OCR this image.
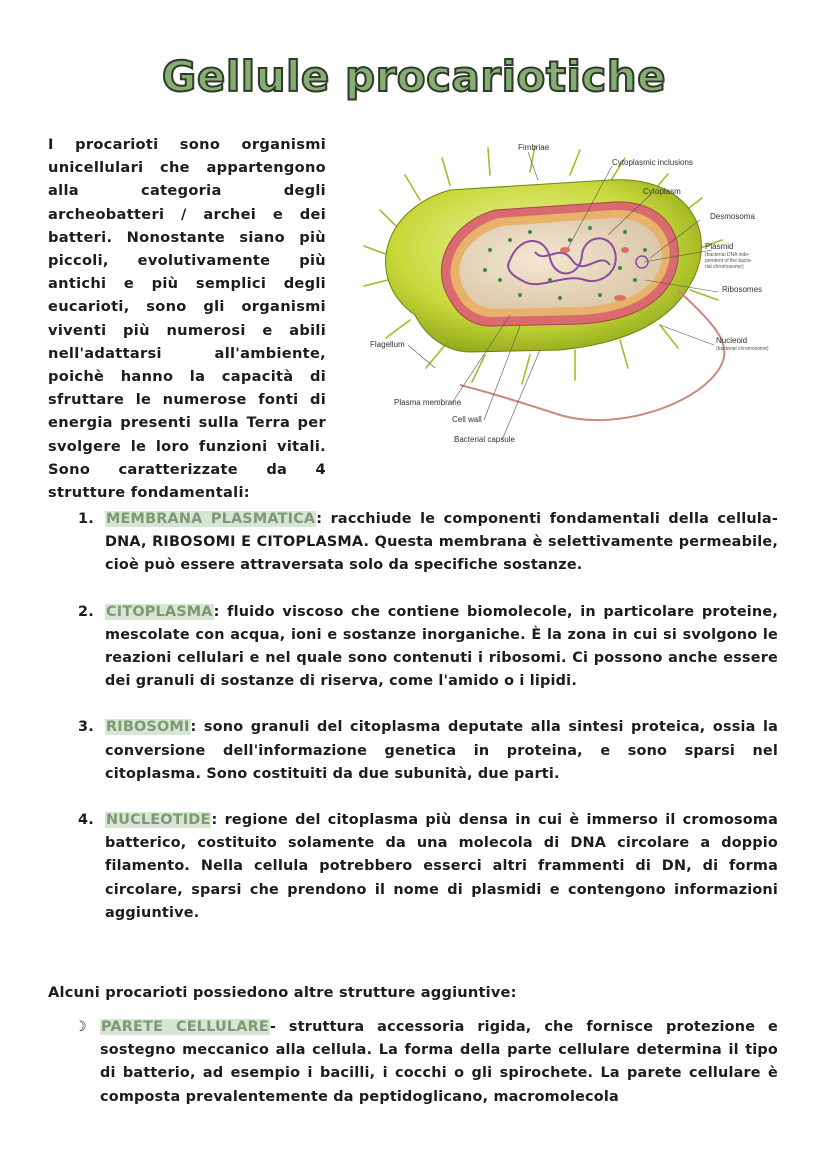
Gellule procariotiche
I procarioti sono organismi unicellulari che appartengono alla categoria degli archeobatteri / archei e dei batteri. Nonostante siano più piccoli, evolutivamente più antichi e più semplici degli eucarioti, sono gli organismi viventi più numerosi e abili nell'adattarsi all'ambiente, poichè hanno la capacità di sfruttare le numerose fonti di energia presenti sulla Terra per svolgere le loro funzioni vitali. Sono caratterizzate da 4 strutture fondamentali:
Fimbriae
Cytoplasmic inclusions
Cytoplasm
Desmosoma
Plasmid
(bacterial DNA inde-
pendent of the bacte-
rial chromosome)
Ribosomes
Nucleoid
(bacterial chromosome)
Flagellum
Plasma membrane
Cell wall
Bacterial capsule
1. MEMBRANA PLASMATICA: racchiude le componenti fondamentali della cellula- DNA, RIBOSOMI E CITOPLASMA. Questa membrana è selettivamente permeabile, cioè può essere attraversata solo da specifiche sostanze.
2. CITOPLASMA: fluido viscoso che contiene biomolecole, in particolare proteine, mescolate con acqua, ioni e sostanze inorganiche. È la zona in cui si svolgono le reazioni cellulari e nel quale sono contenuti i ribosomi. Ci possono anche essere dei granuli di sostanze di riserva, come l'amido o i lipidi.
3. RIBOSOMI: sono granuli del citoplasma deputate alla sintesi proteica, ossia la conversione dell'informazione genetica in proteina, e sono sparsi nel citoplasma. Sono costituiti da due subunità, due parti.
4. NUCLEOTIDE: regione del citoplasma più densa in cui è immerso il cromosoma batterico, costituito solamente da una molecola di DNA circolare a doppio filamento. Nella cellula potrebbero esserci altri frammenti di DN, di forma circolare, sparsi che prendono il nome di plasmidi e contengono informazioni aggiuntive.
Alcuni procarioti possiedono altre strutture aggiuntive:
☽ PARETE CELLULARE- struttura accessoria rigida, che fornisce protezione e sostegno meccanico alla cellula. La forma della parte cellulare determina il tipo di batterio, ad esempio i bacilli, i cocchi o gli spirochete. La parete cellulare è composta prevalentemente da peptidoglicano, macromolecola
